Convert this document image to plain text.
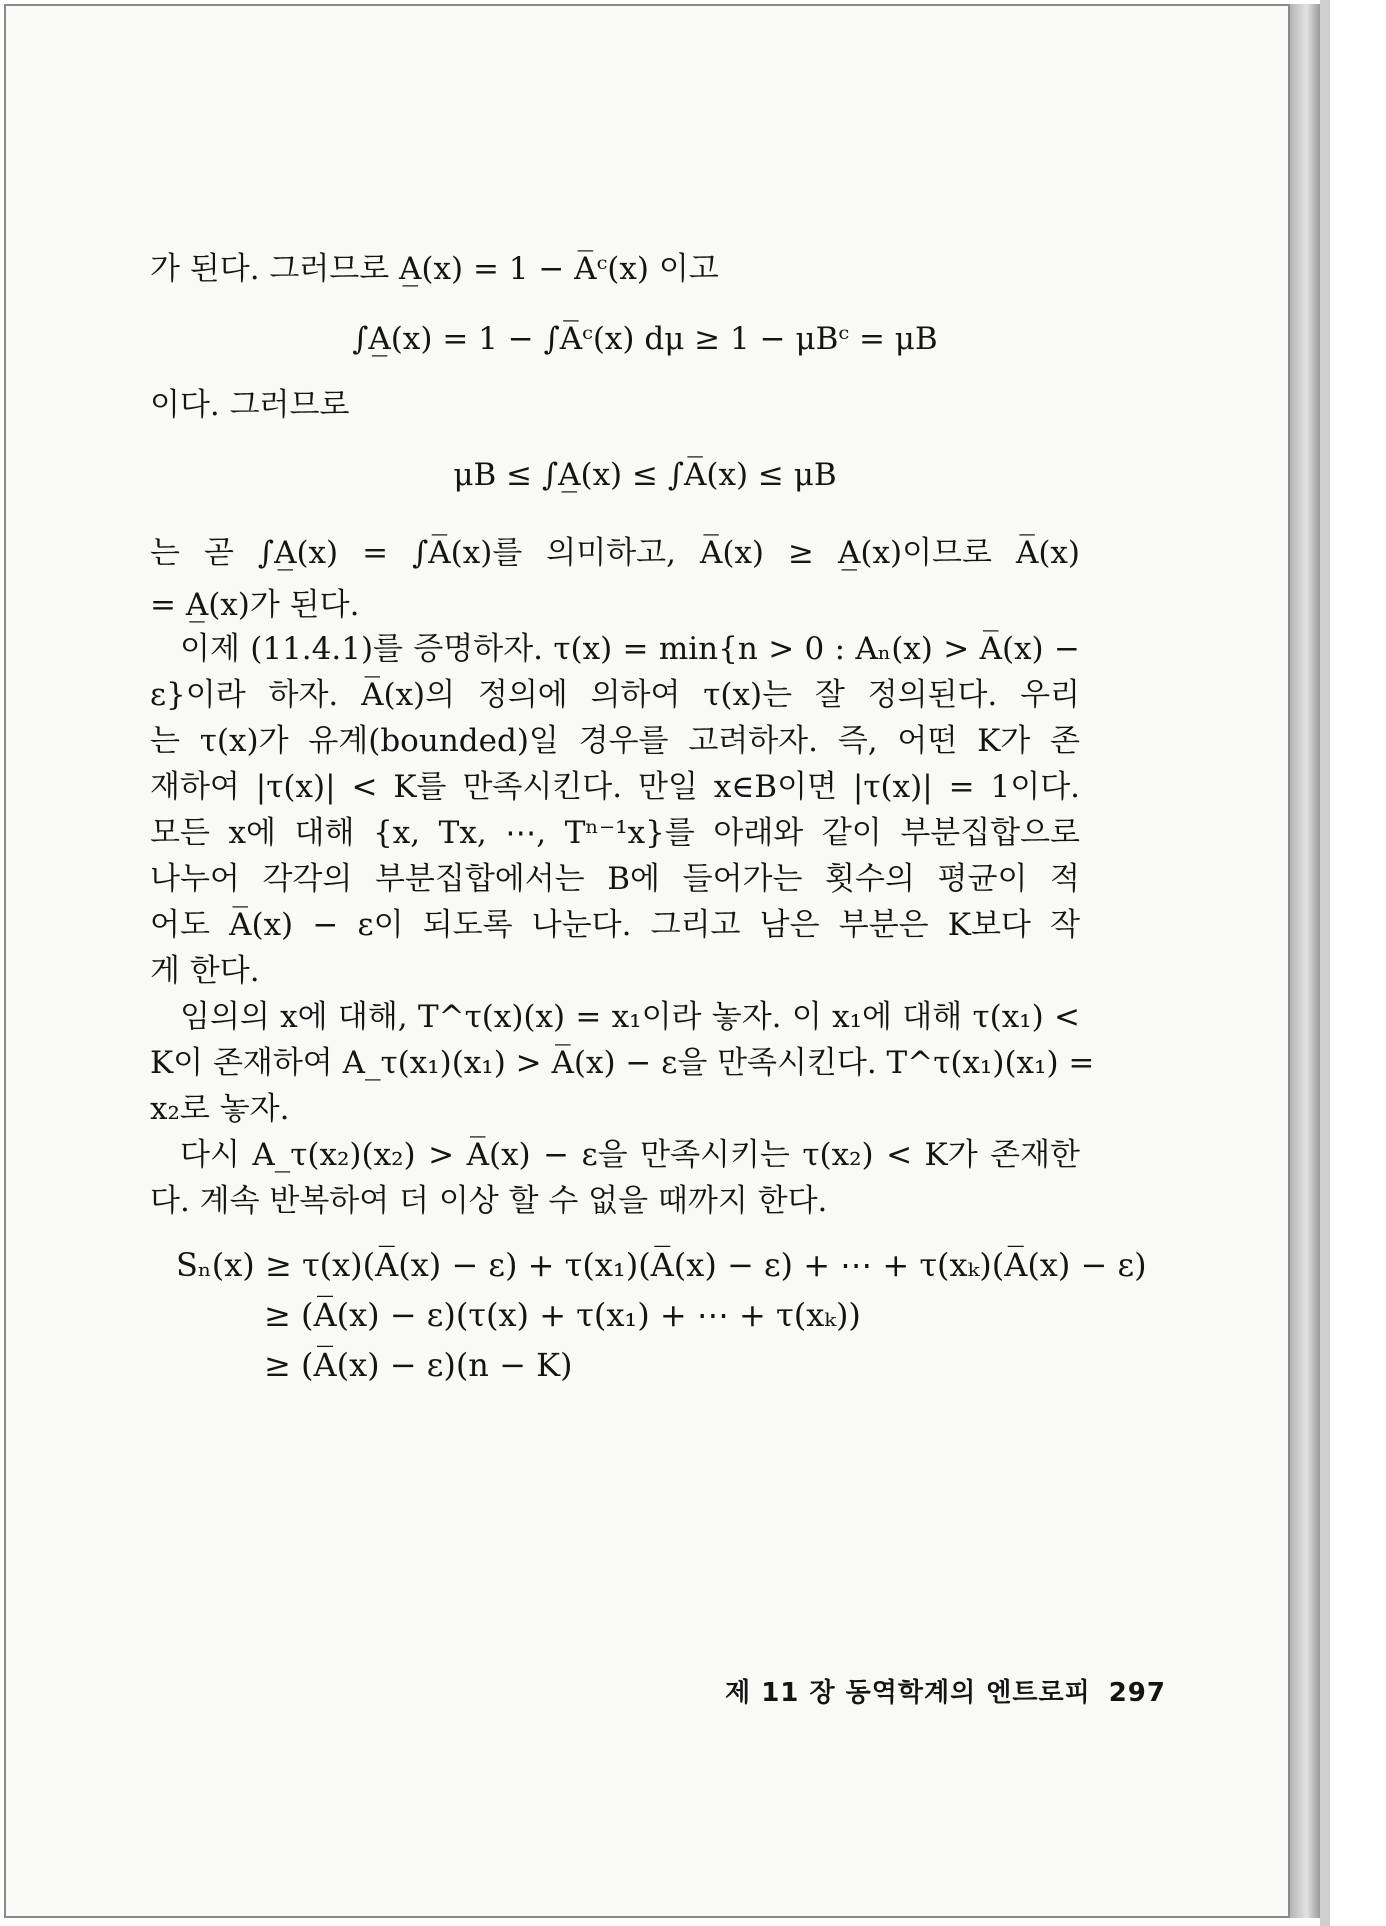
가 된다. 그러므로 A̲(x) = 1 − A̅ᶜ(x) 이고
∫A̲(x) = 1 − ∫A̅ᶜ(x) dμ ≥ 1 − μBᶜ = μB
이다. 그러므로
μB ≤ ∫A̲(x) ≤ ∫A̅(x) ≤ μB
는 곧 ∫A̲(x) = ∫A̅(x)를 의미하고, A̅(x) ≥ A̲(x)이므로 A̅(x)
= A̲(x)가 된다.
이제 (11.4.1)를 증명하자. τ(x) = min{n > 0 : Aₙ(x) > A̅(x) −
ε}이라 하자. A̅(x)의 정의에 의하여 τ(x)는 잘 정의된다. 우리
는 τ(x)가 유계(bounded)일 경우를 고려하자. 즉, 어떤 K가 존
재하여 |τ(x)| < K를 만족시킨다. 만일 x∈B이면 |τ(x)| = 1이다.
모든 x에 대해 {x, Tx, ⋯, Tⁿ⁻¹x}를 아래와 같이 부분집합으로
나누어 각각의 부분집합에서는 B에 들어가는 횟수의 평균이 적
어도 A̅(x) − ε이 되도록 나눈다. 그리고 남은 부분은 K보다 작
게 한다.
임의의 x에 대해, T^τ(x)(x) = x₁이라 놓자. 이 x₁에 대해 τ(x₁) <
K이 존재하여 A_τ(x₁)(x₁) > A̅(x) − ε을 만족시킨다. T^τ(x₁)(x₁) =
x₂로 놓자.
다시 A_τ(x₂)(x₂) > A̅(x) − ε을 만족시키는 τ(x₂) < K가 존재한
다. 계속 반복하여 더 이상 할 수 없을 때까지 한다.
Sₙ(x) ≥ τ(x)(A̅(x) − ε) + τ(x₁)(A̅(x) − ε) + ⋯ + τ(xₖ)(A̅(x) − ε)
≥ (A̅(x) − ε)(τ(x) + τ(x₁) + ⋯ + τ(xₖ))
≥ (A̅(x) − ε)(n − K)
제 11 장 동역학계의 엔트로피 297
